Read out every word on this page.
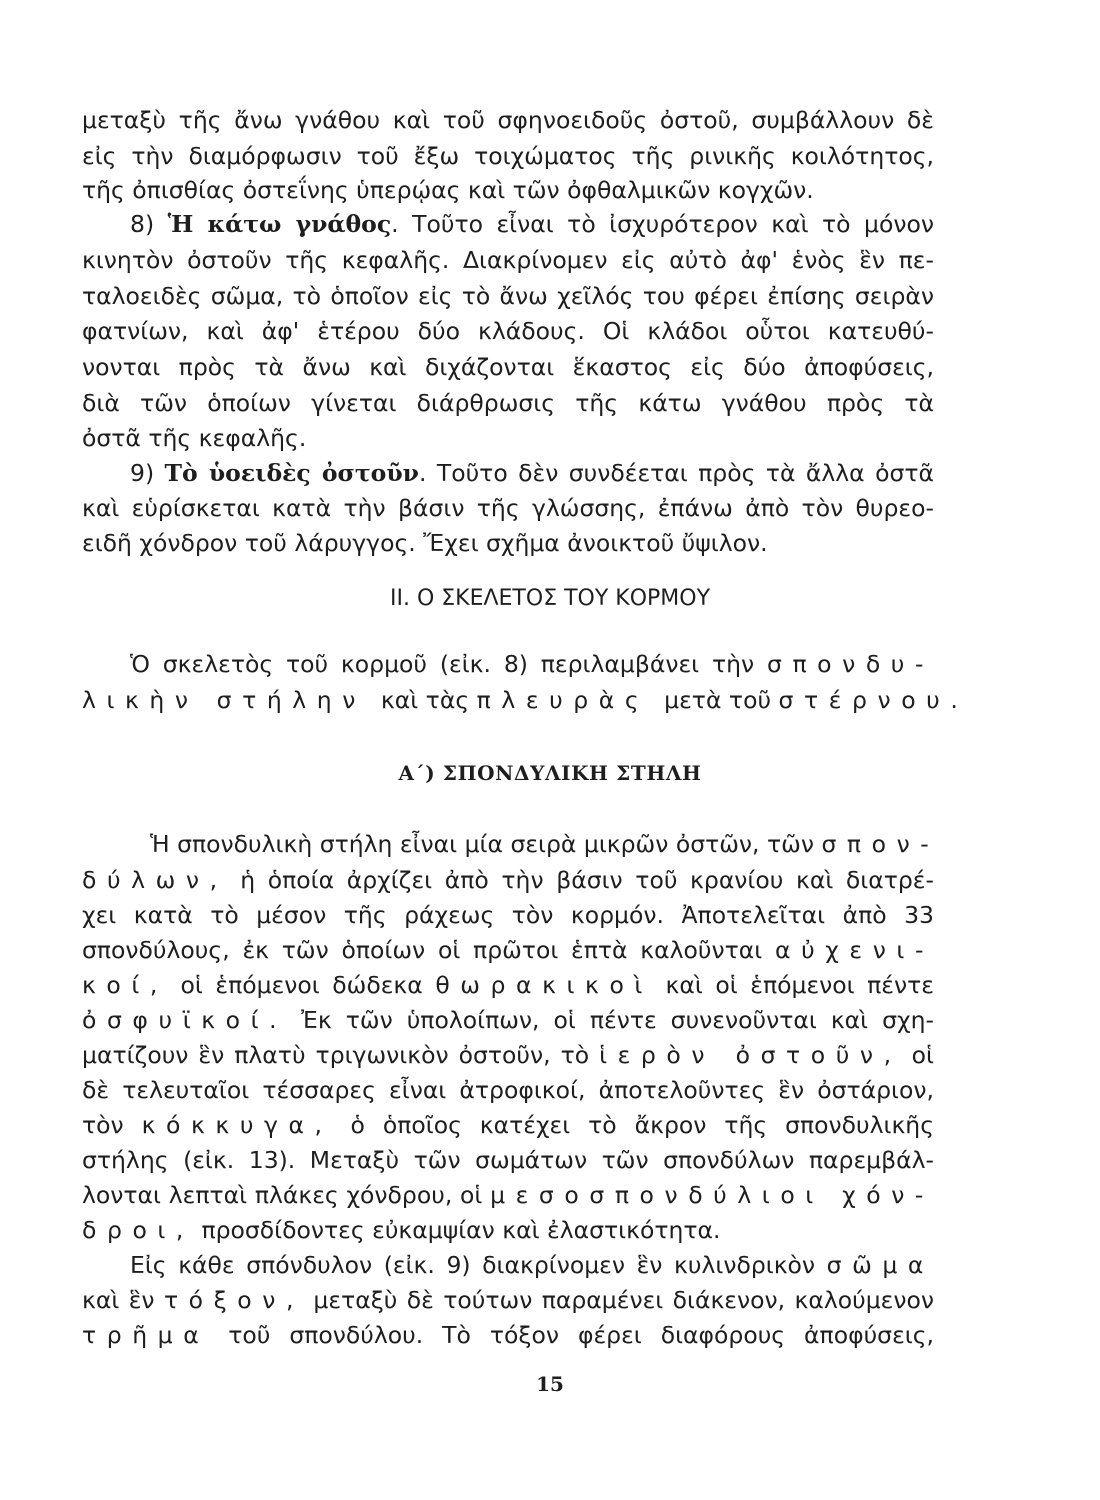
μεταξὺ τῆς ἄνω γνάθου καὶ τοῦ σφηνοειδοῦς ὀστοῦ, συμβάλλουν δὲ

εἰς τὴν διαμόρφωσιν τοῦ ἔξω τοιχώματος τῆς ρινικῆς κοιλότητος,

τῆς ὀπισθίας ὀστεΐνης ὑπερῴας καὶ τῶν ὀφθαλμικῶν κογχῶν.

8) Ἡ κάτω γνάθος. Τοῦτο εἶναι τὸ ἰσχυρότερον καὶ τὸ μόνον

κινητὸν ὀστοῦν τῆς κεφαλῆς. Διακρίνομεν εἰς αὐτὸ ἀφ' ἑνὸς ἓν πε-

ταλοειδὲς σῶμα, τὸ ὁποῖον εἰς τὸ ἄνω χεῖλός του φέρει ἐπίσης σειρὰν

φατνίων, καὶ ἀφ' ἑτέρου δύο κλάδους. Οἱ κλάδοι οὗτοι κατευθύ-

νονται πρὸς τὰ ἄνω καὶ διχάζονται ἕκαστος εἰς δύο ἀποφύσεις,

διὰ τῶν ὁποίων γίνεται διάρθρωσις τῆς κάτω γνάθου πρὸς τὰ

ὀστᾶ τῆς κεφαλῆς.

9) Τὸ ὑοειδὲς ὀστοῦν. Τοῦτο δὲν συνδέεται πρὸς τὰ ἄλλα ὀστᾶ

καὶ εὑρίσκεται κατὰ τὴν βάσιν τῆς γλώσσης, ἐπάνω ἀπὸ τὸν θυρεο-

ειδῆ χόνδρον τοῦ λάρυγγος. Ἔχει σχῆμα ἀνοικτοῦ ὔψιλον.

II. Ο ΣΚΕΛΕΤΟΣ ΤΟΥ ΚΟΡΜΟΥ

Ὁ σκελετὸς τοῦ κορμοῦ (εἰκ. 8) περιλαμβάνει τὴν σπονδυ-

λικὴν στήλην καὶ τὰς πλευρὰς μετὰ τοῦ στέρνου.

Α΄) ΣΠΟΝΔΥΛΙΚΗ ΣΤΗΛΗ

Ἡ σπονδυλικὴ στήλη εἶναι μία σειρὰ μικρῶν ὀστῶν, τῶν σπον-

δύλων, ἡ ὁποία ἀρχίζει ἀπὸ τὴν βάσιν τοῦ κρανίου καὶ διατρέ-

χει κατὰ τὸ μέσον τῆς ράχεως τὸν κορμόν. Ἀποτελεῖται ἀπὸ 33

σπονδύλους, ἐκ τῶν ὁποίων οἱ πρῶτοι ἑπτὰ καλοῦνται αὐχενι-

κοί, οἱ ἑπόμενοι δώδεκα θωρακικοὶ καὶ οἱ ἑπόμενοι πέντε

ὀσφυϊκοί. Ἐκ τῶν ὑπολοίπων, οἱ πέντε συνενοῦνται καὶ σχη-

ματίζουν ἓν πλατὺ τριγωνικὸν ὀστοῦν, τὸ ἱερὸν ὀστοῦν, οἱ

δὲ τελευταῖοι τέσσαρες εἶναι ἀτροφικοί, ἀποτελοῦντες ἓν ὀστάριον,

τὸν κόκκυγα, ὁ ὁποῖος κατέχει τὸ ἄκρον τῆς σπονδυλικῆς

στήλης (εἰκ. 13). Μεταξὺ τῶν σωμάτων τῶν σπονδύλων παρεμβάλ-

λονται λεπταὶ πλάκες χόνδρου, οἱ μεσοσπονδύλιοι χόν-

δροι, προσδίδοντες εὐκαμψίαν καὶ ἐλαστικότητα.

Εἰς κάθε σπόνδυλον (εἰκ. 9) διακρίνομεν ἓν κυλινδρικὸν σῶμα

καὶ ἓν τόξον, μεταξὺ δὲ τούτων παραμένει διάκενον, καλούμενον

τρῆμα τοῦ σπονδύλου. Τὸ τόξον φέρει διαφόρους ἀποφύσεις,

15
